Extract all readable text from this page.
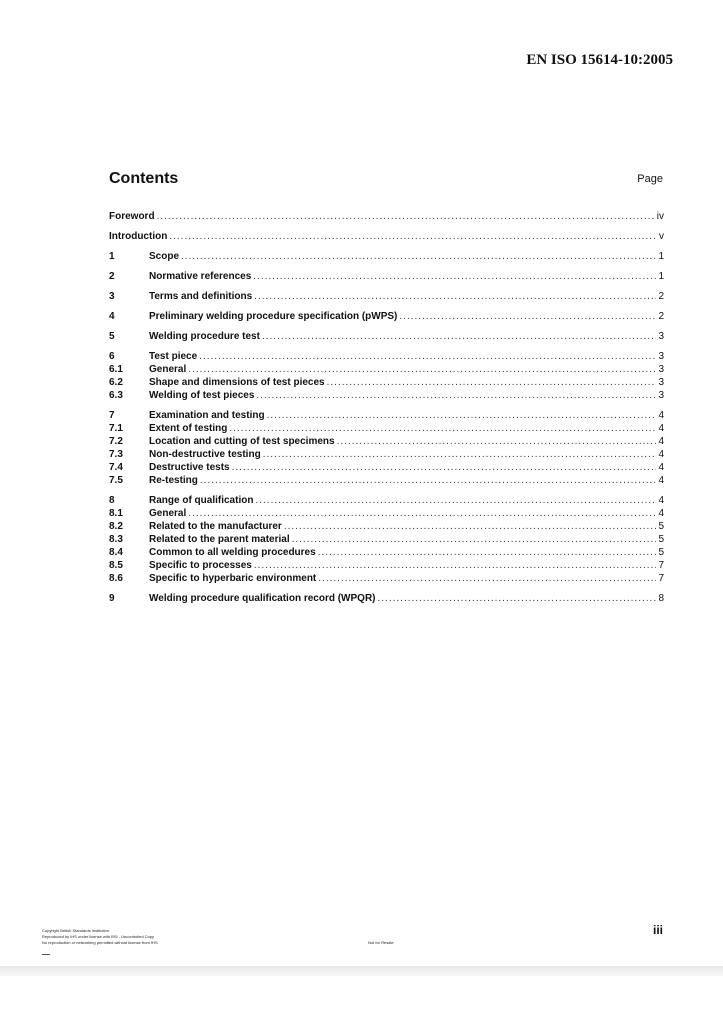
EN ISO 15614-10:2005
Contents	Page
Foreword .....	iv
Introduction .....	v
1	Scope .....	1
2	Normative references .....	1
3	Terms and definitions .....	2
4	Preliminary welding procedure specification (pWPS) .....	2
5	Welding procedure test .....	3
6	Test piece .....	3
6.1	General .....	3
6.2	Shape and dimensions of test pieces .....	3
6.3	Welding of test pieces .....	3
7	Examination and testing .....	4
7.1	Extent of testing .....	4
7.2	Location and cutting of test specimens .....	4
7.3	Non-destructive testing .....	4
7.4	Destructive tests .....	4
7.5	Re-testing .....	4
8	Range of qualification .....	4
8.1	General .....	4
8.2	Related to the manufacturer .....	5
8.3	Related to the parent material .....	5
8.4	Common to all welding procedures .....	5
8.5	Specific to processes .....	7
8.6	Specific to hyperbaric environment .....	7
9	Welding procedure qualification record (WPQR) .....	8
iii
Copyright British Standards Institution
Reproduced by IHS under license with BSI - Uncontrolled Copy
No reproduction or networking permitted without license from IHS	Not for Resale
